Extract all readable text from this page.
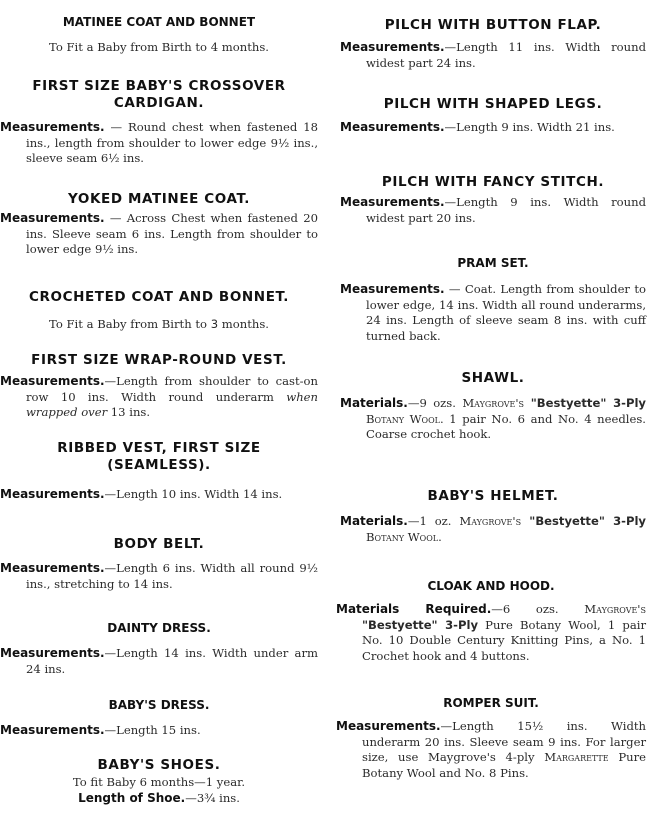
MATINEE COAT AND BONNET
To Fit a Baby from Birth to 4 months.
FIRST SIZE BABY'S CROSSOVER
CARDIGAN.
Measurements. — Round chest when fastened 18 ins., length from shoulder to lower edge 9½ ins., sleeve seam 6½ ins.
YOKED MATINEE COAT.
Measurements. — Across Chest when fastened 20 ins. Sleeve seam 6 ins. Length from shoulder to lower edge 9½ ins.
CROCHETED COAT AND BONNET.
To Fit a Baby from Birth to 3 months.
FIRST SIZE WRAP-ROUND VEST.
Measurements.—Length from shoulder to cast-on row 10 ins. Width round underarm when wrapped over 13 ins.
RIBBED VEST, FIRST SIZE
(SEAMLESS).
Measurements.—Length 10 ins. Width 14 ins.
BODY BELT.
Measurements.—Length 6 ins. Width all round 9½ ins., stretching to 14 ins.
DAINTY DRESS.
Measurements.—Length 14 ins. Width under arm 24 ins.
BABY'S DRESS.
Measurements.—Length 15 ins.
BABY'S SHOES.
To fit Baby 6 months—1 year.
Length of Shoe.—3¾ ins.
PILCH WITH BUTTON FLAP.
Measurements.—Length 11 ins. Width round widest part 24 ins.
PILCH WITH SHAPED LEGS.
Measurements.—Length 9 ins. Width 21 ins.
PILCH WITH FANCY STITCH.
Measurements.—Length 9 ins. Width round widest part 20 ins.
PRAM SET.
Measurements. — Coat. Length from shoulder to lower edge, 14 ins. Width all round underarms, 24 ins. Length of sleeve seam 8 ins. with cuff turned back.
SHAWL.
Materials.—9 ozs. Maygrove's "Bestyette" 3-Ply Botany Wool. 1 pair No. 6 and No. 4 needles. Coarse crochet hook.
BABY'S HELMET.
Materials.—1 oz. Maygrove's "Bestyette" 3-Ply Botany Wool.
CLOAK AND HOOD.
Materials Required.—6 ozs. Maygrove's "Bestyette" 3-Ply Pure Botany Wool, 1 pair No. 10 Double Century Knitting Pins, a No. 1 Crochet hook and 4 buttons.
ROMPER SUIT.
Measurements.—Length 15½ ins. Width underarm 20 ins. Sleeve seam 9 ins. For larger size, use Maygrove's 4-ply Margarette Pure Botany Wool and No. 8 Pins.
